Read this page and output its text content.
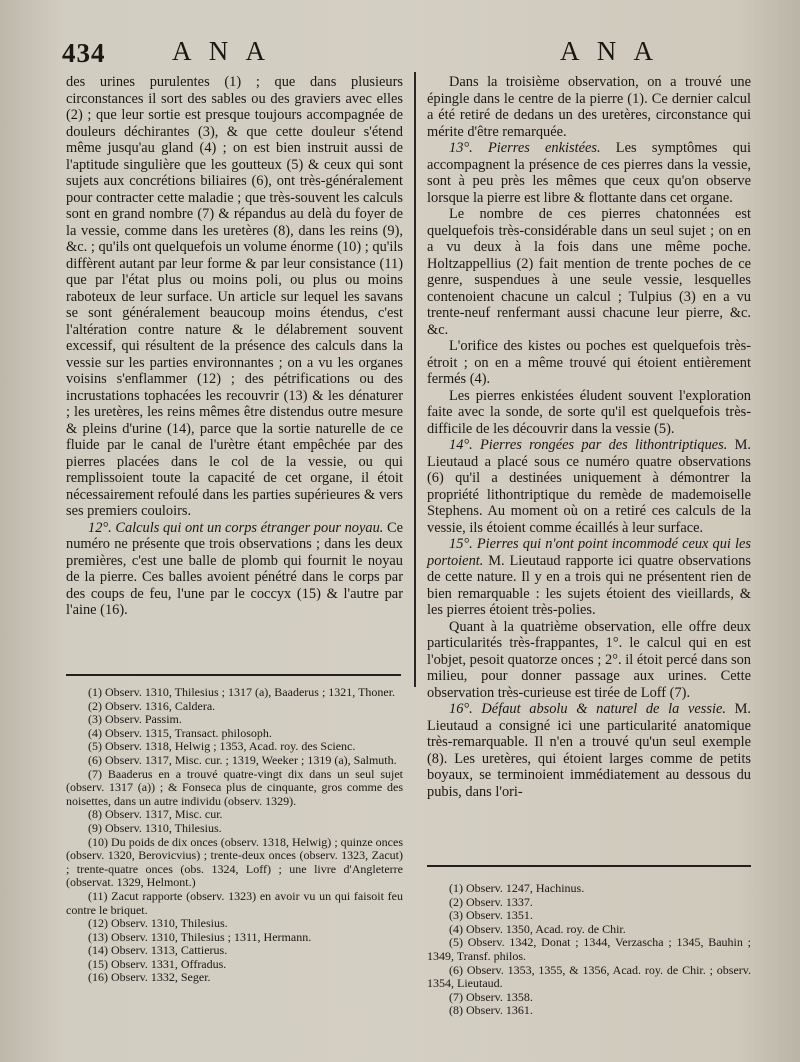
434 A N A	A N A

des urines purulentes (1) ; que dans plusieurs circonstances il sort des sables ou des graviers avec elles (2) ; que leur sortie est presque toujours accompagnée de douleurs déchirantes (3), & que cette douleur s'étend même jusqu'au gland (4) ; on est bien instruit aussi de l'aptitude singulière que les goutteux (5) & ceux qui sont sujets aux concrétions biliaires (6), ont très-généralement pour contracter cette maladie ; que très-souvent les calculs sont en grand nombre (7) & répandus au delà du foyer de la vessie, comme dans les uretères (8), dans les reins (9), &c. ; qu'ils ont quelquefois un volume énorme (10) ; qu'ils diffèrent autant par leur forme & par leur consistance (11) que par l'état plus ou moins poli, ou plus ou moins raboteux de leur surface. Un article sur lequel les savans se sont généralement beaucoup moins étendus, c'est l'altération contre nature & le délabrement souvent excessif, qui résultent de la présence des calculs dans la vessie sur les parties environnantes ; on a vu les organes voisins s'enflammer (12) ; des pétrifications ou des incrustations tophacées les recouvrir (13) & les dénaturer ; les uretères, les reins mêmes être distendus outre mesure & pleins d'urine (14), parce que la sortie naturelle de ce fluide par le canal de l'urètre étant empêchée par des pierres placées dans le col de la vessie, ou qui remplissoient toute la capacité de cet organe, il étoit nécessairement refoulé dans les parties supérieures & vers ses premiers couloirs.

12°. Calculs qui ont un corps étranger pour noyau. Ce numéro ne présente que trois observations ; dans les deux premières, c'est une balle de plomb qui fournit le noyau de la pierre. Ces balles avoient pénétré dans le corps par des coups de feu, l'une par le coccyx (15) & l'autre par l'aine (16).

(1) Observ. 1310, Thilesius ; 1317 (a), Baaderus ; 1321, Thoner.
(2) Observ. 1316, Caldera.
(3) Observ. Passim.
(4) Observ. 1315, Transact. philosoph.
(5) Observ. 1318, Helwig ; 1353, Acad. roy. des Scienc.
(6) Observ. 1317, Misc. cur. ; 1319, Weeker ; 1319 (a), Salmuth.
(7) Baaderus en a trouvé quatre-vingt dix dans un seul sujet (observ. 1317 (a)) ; & Fonseca plus de cinquante, gros comme des noisettes, dans un autre individu (observ. 1329).
(8) Observ. 1317, Misc. cur.
(9) Observ. 1310, Thilesius.
(10) Du poids de dix onces (observ. 1318, Helwig) ; quinze onces (observ. 1320, Berovicvius) ; trente-deux onces (observ. 1323, Zacut) ; trente-quatre onces (obs. 1324, Loff) ; une livre d'Angleterre (observat. 1329, Helmont.)
(11) Zacut rapporte (observ. 1323) en avoir vu un qui faisoit feu contre le briquet.
(12) Observ. 1310, Thilesius.
(13) Observ. 1310, Thilesius ; 1311, Hermann.
(14) Observ. 1313, Cattierus.
(15) Observ. 1331, Offradus.
(16) Observ. 1332, Seger.

Dans la troisième observation, on a trouvé une épingle dans le centre de la pierre (1). Ce dernier calcul a été retiré de dedans un des uretères, circonstance qui mérite d'être remarquée.

13°. Pierres enkistées. Les symptômes qui accompagnent la présence de ces pierres dans la vessie, sont à peu près les mêmes que ceux qu'on observe lorsque la pierre est libre & flottante dans cet organe.

Le nombre de ces pierres chatonnées est quelquefois très-considérable dans un seul sujet ; on en a vu deux à la fois dans une même poche. Holtzappellius (2) fait mention de trente poches de ce genre, suspendues à une seule vessie, lesquelles contenoient chacune un calcul ; Tulpius (3) en a vu trente-neuf renfermant aussi chacune leur pierre, &c. &c.

L'orifice des kistes ou poches est quelquefois très-étroit ; on en a même trouvé qui étoient entièrement fermés (4).

Les pierres enkistées éludent souvent l'exploration faite avec la sonde, de sorte qu'il est quelquefois très-difficile de les découvrir dans la vessie (5).

14°. Pierres rongées par des lithontriptiques. M. Lieutaud a placé sous ce numéro quatre observations (6) qu'il a destinées uniquement à démontrer la propriété lithontriptique du remède de mademoiselle Stephens. Au moment où on a retiré ces calculs de la vessie, ils étoient comme écaillés à leur surface.

15°. Pierres qui n'ont point incommodé ceux qui les portoient. M. Lieutaud rapporte ici quatre observations de cette nature. Il y en a trois qui ne présentent rien de bien remarquable : les sujets étoient des vieillards, & les pierres étoient très-polies.

Quant à la quatrième observation, elle offre deux particularités très-frappantes, 1°. le calcul qui en est l'objet, pesoit quatorze onces ; 2°. il étoit percé dans son milieu, pour donner passage aux urines. Cette observation très-curieuse est tirée de Loff (7).

16°. Défaut absolu & naturel de la vessie. M. Lieutaud a consigné ici une particularité anatomique très-remarquable. Il n'en a trouvé qu'un seul exemple (8). Les uretères, qui étoient larges comme de petits boyaux, se terminoient immédiatement au dessous du pubis, dans l'ori-

(1) Observ. 1247, Hachinus.
(2) Observ. 1337.
(3) Observ. 1351.
(4) Observ. 1350, Acad. roy. de Chir.
(5) Observ. 1342, Donat ; 1344, Verzascha ; 1345, Bauhin ; 1349, Transf. philos.
(6) Observ. 1353, 1355, & 1356, Acad. roy. de Chir. ; observ. 1354, Lieutaud.
(7) Observ. 1358.
(8) Observ. 1361.
